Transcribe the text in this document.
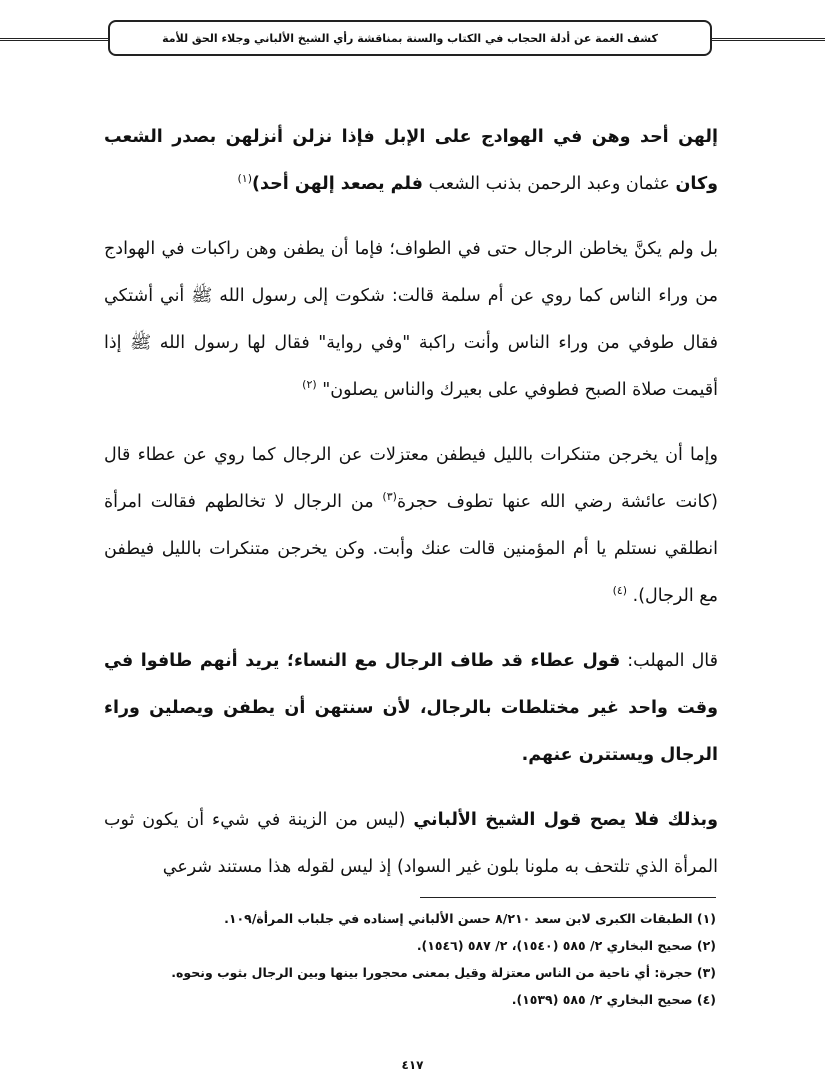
كشف الغمة عن أدلة الحجاب في الكتاب والسنة بمناقشة رأي الشيخ الألباني وجلاء الحق للأمة

إلهن أحد وهن في الهوادج على الإبل فإذا نزلن أنزلهن بصدر الشعب وكان عثمان وعبد الرحمن بذنب الشعب فلم يصعد إلهن أحد)$^{(١)}$

بل ولم يكنَّ يخاطن الرجال حتى في الطواف؛ فإما أن يطفن وهن راكبات في الهوادج من وراء الناس كما روي عن أم سلمة قالت: شكوت إلى رسول الله ﷺ أني أشتكي فقال طوفي من وراء الناس وأنت راكبة "وفي رواية" فقال لها رسول الله ﷺ إذا أقيمت صلاة الصبح فطوفي على بعيرك والناس يصلون" $^{(٢)}$

وإما أن يخرجن متنكرات بالليل فيطفن معتزلات عن الرجال كما روي عن عطاء قال (كانت عائشة رضي الله عنها تطوف حجرة$^{(٣)}$ من الرجال لا تخالطهم فقالت امرأة انطلقي نستلم يا أم المؤمنين قالت عنك وأبت. وكن يخرجن متنكرات بالليل فيطفن مع الرجال). $^{(٤)}$

قال المهلب: قول عطاء قد طاف الرجال مع النساء؛ يريد أنهم طافوا في وقت واحد غير مختلطات بالرجال، لأن سنتهن أن يطفن ويصلين وراء الرجال ويستترن عنهم.

وبذلك فلا يصح قول الشيخ الألباني (ليس من الزينة في شيء أن يكون ثوب المرأة الذي تلتحف به ملونا بلون غير السواد) إذ ليس لقوله هذا مستند شرعي

(١) الطبقات الكبرى لابن سعد ٨/٢١٠ حسن الألباني إسناده في جلباب المرأة/١٠٩.
(٢) صحيح البخاري ٢/ ٥٨٥ (١٥٤٠)، ٢/ ٥٨٧ (١٥٤٦).
(٣) حجرة: أي ناحية من الناس معتزلة وقيل بمعنى محجورا بينها وبين الرجال بثوب ونحوه.
(٤) صحيح البخاري ٢/ ٥٨٥ (١٥٣٩).
٤١٧
